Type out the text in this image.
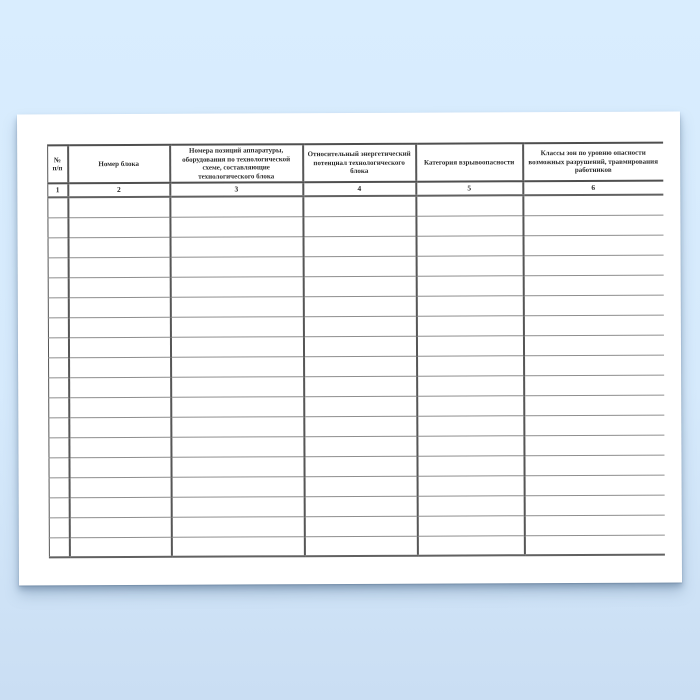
№ п/п	Номер блока	Номера позиций аппаратуры, оборудования по технологической схеме, составляющие технологического блока	Относительный энергетический потенциал технологического блока	Категория взрывоопасности	Классы зон по уровню опасности возможных разрушений, травмирования работников
1	2	3	4	5	6
